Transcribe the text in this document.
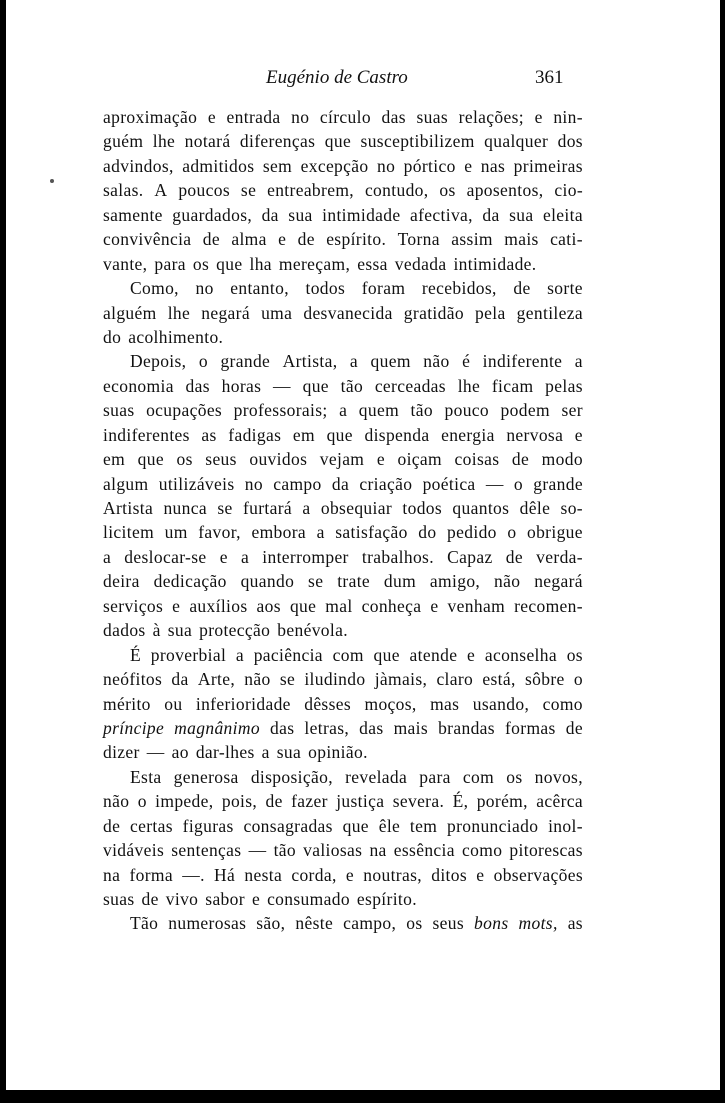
Eugénio de Castro	361
aproximação e entrada no círculo das suas relações; e nin-
guém lhe notará diferenças que susceptibilizem qualquer dos
advindos, admitidos sem excepção no pórtico e nas primeiras
salas. A poucos se entreabrem, contudo, os aposentos, cio-
samente guardados, da sua intimidade afectiva, da sua eleita
convivência de alma e de espírito. Torna assim mais cati-
vante, para os que lha mereçam, essa vedada intimidade.
Como, no entanto, todos foram recebidos, de sorte
alguém lhe negará uma desvanecida gratidão pela gentileza
do acolhimento.
Depois, o grande Artista, a quem não é indiferente a
economia das horas — que tão cerceadas lhe ficam pelas
suas ocupações professorais; a quem tão pouco podem ser
indiferentes as fadigas em que dispenda energia nervosa e
em que os seus ouvidos vejam e oiçam coisas de modo
algum utilizáveis no campo da criação poética — o grande
Artista nunca se furtará a obsequiar todos quantos dêle so-
licitem um favor, embora a satisfação do pedido o obrigue
a deslocar-se e a interromper trabalhos. Capaz de verda-
deira dedicação quando se trate dum amigo, não negará
serviços e auxílios aos que mal conheça e venham recomen-
dados à sua protecção benévola.
É proverbial a paciência com que atende e aconselha os
neófitos da Arte, não se iludindo jàmais, claro está, sôbre o
mérito ou inferioridade dêsses moços, mas usando, como
príncipe magnânimo das letras, das mais brandas formas de
dizer — ao dar-lhes a sua opinião.
Esta generosa disposição, revelada para com os novos,
não o impede, pois, de fazer justiça severa. É, porém, acêrca
de certas figuras consagradas que êle tem pronunciado inol-
vidáveis sentenças — tão valiosas na essência como pitorescas
na forma —. Há nesta corda, e noutras, ditos e observações
suas de vivo sabor e consumado espírito.
Tão numerosas são, nêste campo, os seus bons mots, as
